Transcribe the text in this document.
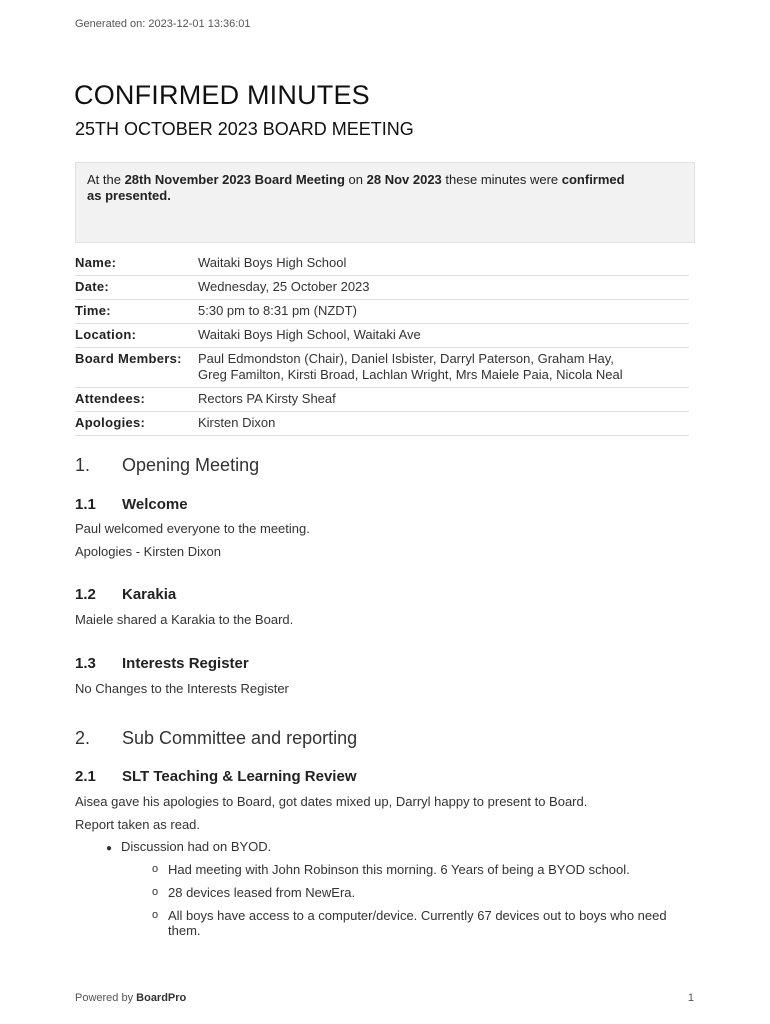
Generated on: 2023-12-01 13:36:01
CONFIRMED MINUTES
25TH OCTOBER 2023 BOARD MEETING
At the 28th November 2023 Board Meeting on 28 Nov 2023 these minutes were confirmed
as presented.
Name:	Waitaki Boys High School
Date:	Wednesday, 25 October 2023
Time:	5:30 pm to 8:31 pm (NZDT)
Location:	Waitaki Boys High School, Waitaki Ave
Board Members:	Paul Edmondston (Chair), Daniel Isbister, Darryl Paterson, Graham Hay,
Greg Familton, Kirsti Broad, Lachlan Wright, Mrs Maiele Paia, Nicola Neal
Attendees:	Rectors PA Kirsty Sheaf
Apologies:	Kirsten Dixon
1. Opening Meeting
1.1 Welcome
Paul welcomed everyone to the meeting.
Apologies - Kirsten Dixon
1.2 Karakia
Maiele shared a Karakia to the Board.
1.3 Interests Register
No Changes to the Interests Register
2. Sub Committee and reporting
2.1 SLT Teaching & Learning Review
Aisea gave his apologies to Board, got dates mixed up, Darryl happy to present to Board.
Report taken as read.
● Discussion had on BYOD.
o Had meeting with John Robinson this morning. 6 Years of being a BYOD school.
o 28 devices leased from NewEra.
o All boys have access to a computer/device. Currently 67 devices out to boys who need them.
Powered by BoardPro	1
